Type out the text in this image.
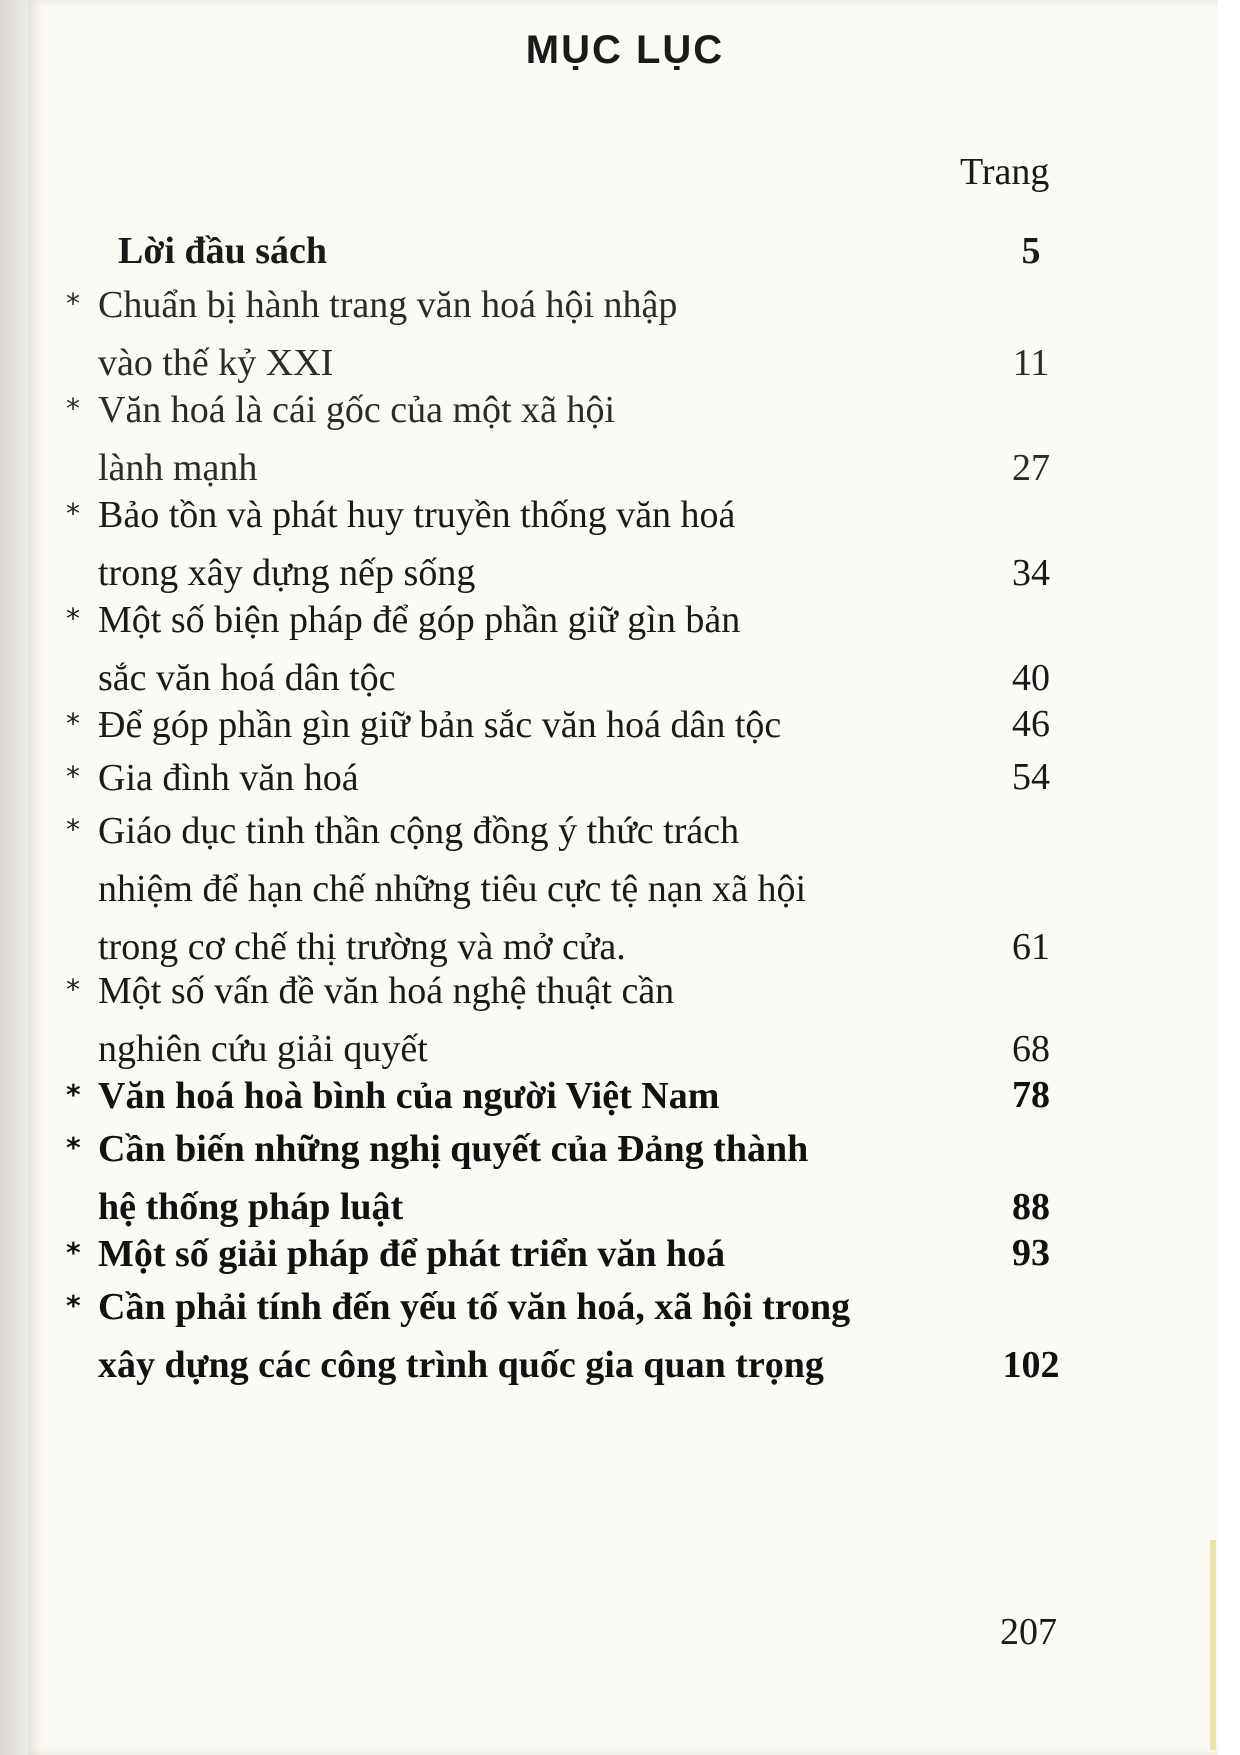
MỤC LỤC
Trang
Lời đầu sách	5
* Chuẩn bị hành trang văn hoá hội nhập
vào thế kỷ XXI	11
* Văn hoá là cái gốc của một xã hội
lành mạnh	27
* Bảo tồn và phát huy truyền thống văn hoá
trong xây dựng nếp sống	34
* Một số biện pháp để góp phần giữ gìn bản
sắc văn hoá dân tộc	40
* Để góp phần gìn giữ bản sắc văn hoá dân tộc	46
* Gia đình văn hoá	54
* Giáo dục tinh thần cộng đồng ý thức trách
nhiệm để hạn chế những tiêu cực tệ nạn xã hội
trong cơ chế thị trường và mở cửa.	61
* Một số vấn đề văn hoá nghệ thuật cần
nghiên cứu giải quyết	68
* Văn hoá hoà bình của người Việt Nam	78
* Cần biến những nghị quyết của Đảng thành
hệ thống pháp luật	88
* Một số giải pháp để phát triển văn hoá	93
* Cần phải tính đến yếu tố văn hoá, xã hội trong
xây dựng các công trình quốc gia quan trọng	102
207
